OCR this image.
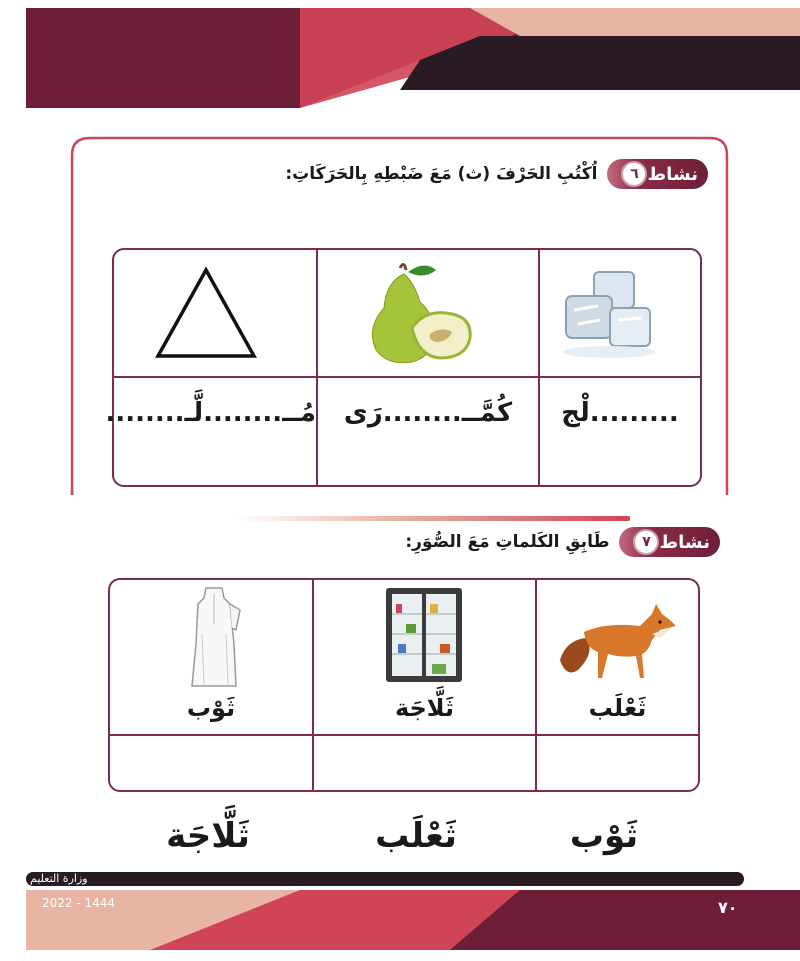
نشاط
٦
اُكْتُبِ الحَرْفَ (ث) مَعَ ضَبْطِهِ بِالحَرَكَاتِ:
مُــ........لَّـ........	كُمَّــ........رَى	.........لْج
نشاط
٧
طَابِقِ الكَلماتِ مَعَ الصُّوَرِ:
ثَوْب	ثَلَّاجَة	ثَعْلَب
ثَوْب
ثَعْلَب
ثَلَّاجَة
وزارة التعليم
2022 - 1444	٧٠
